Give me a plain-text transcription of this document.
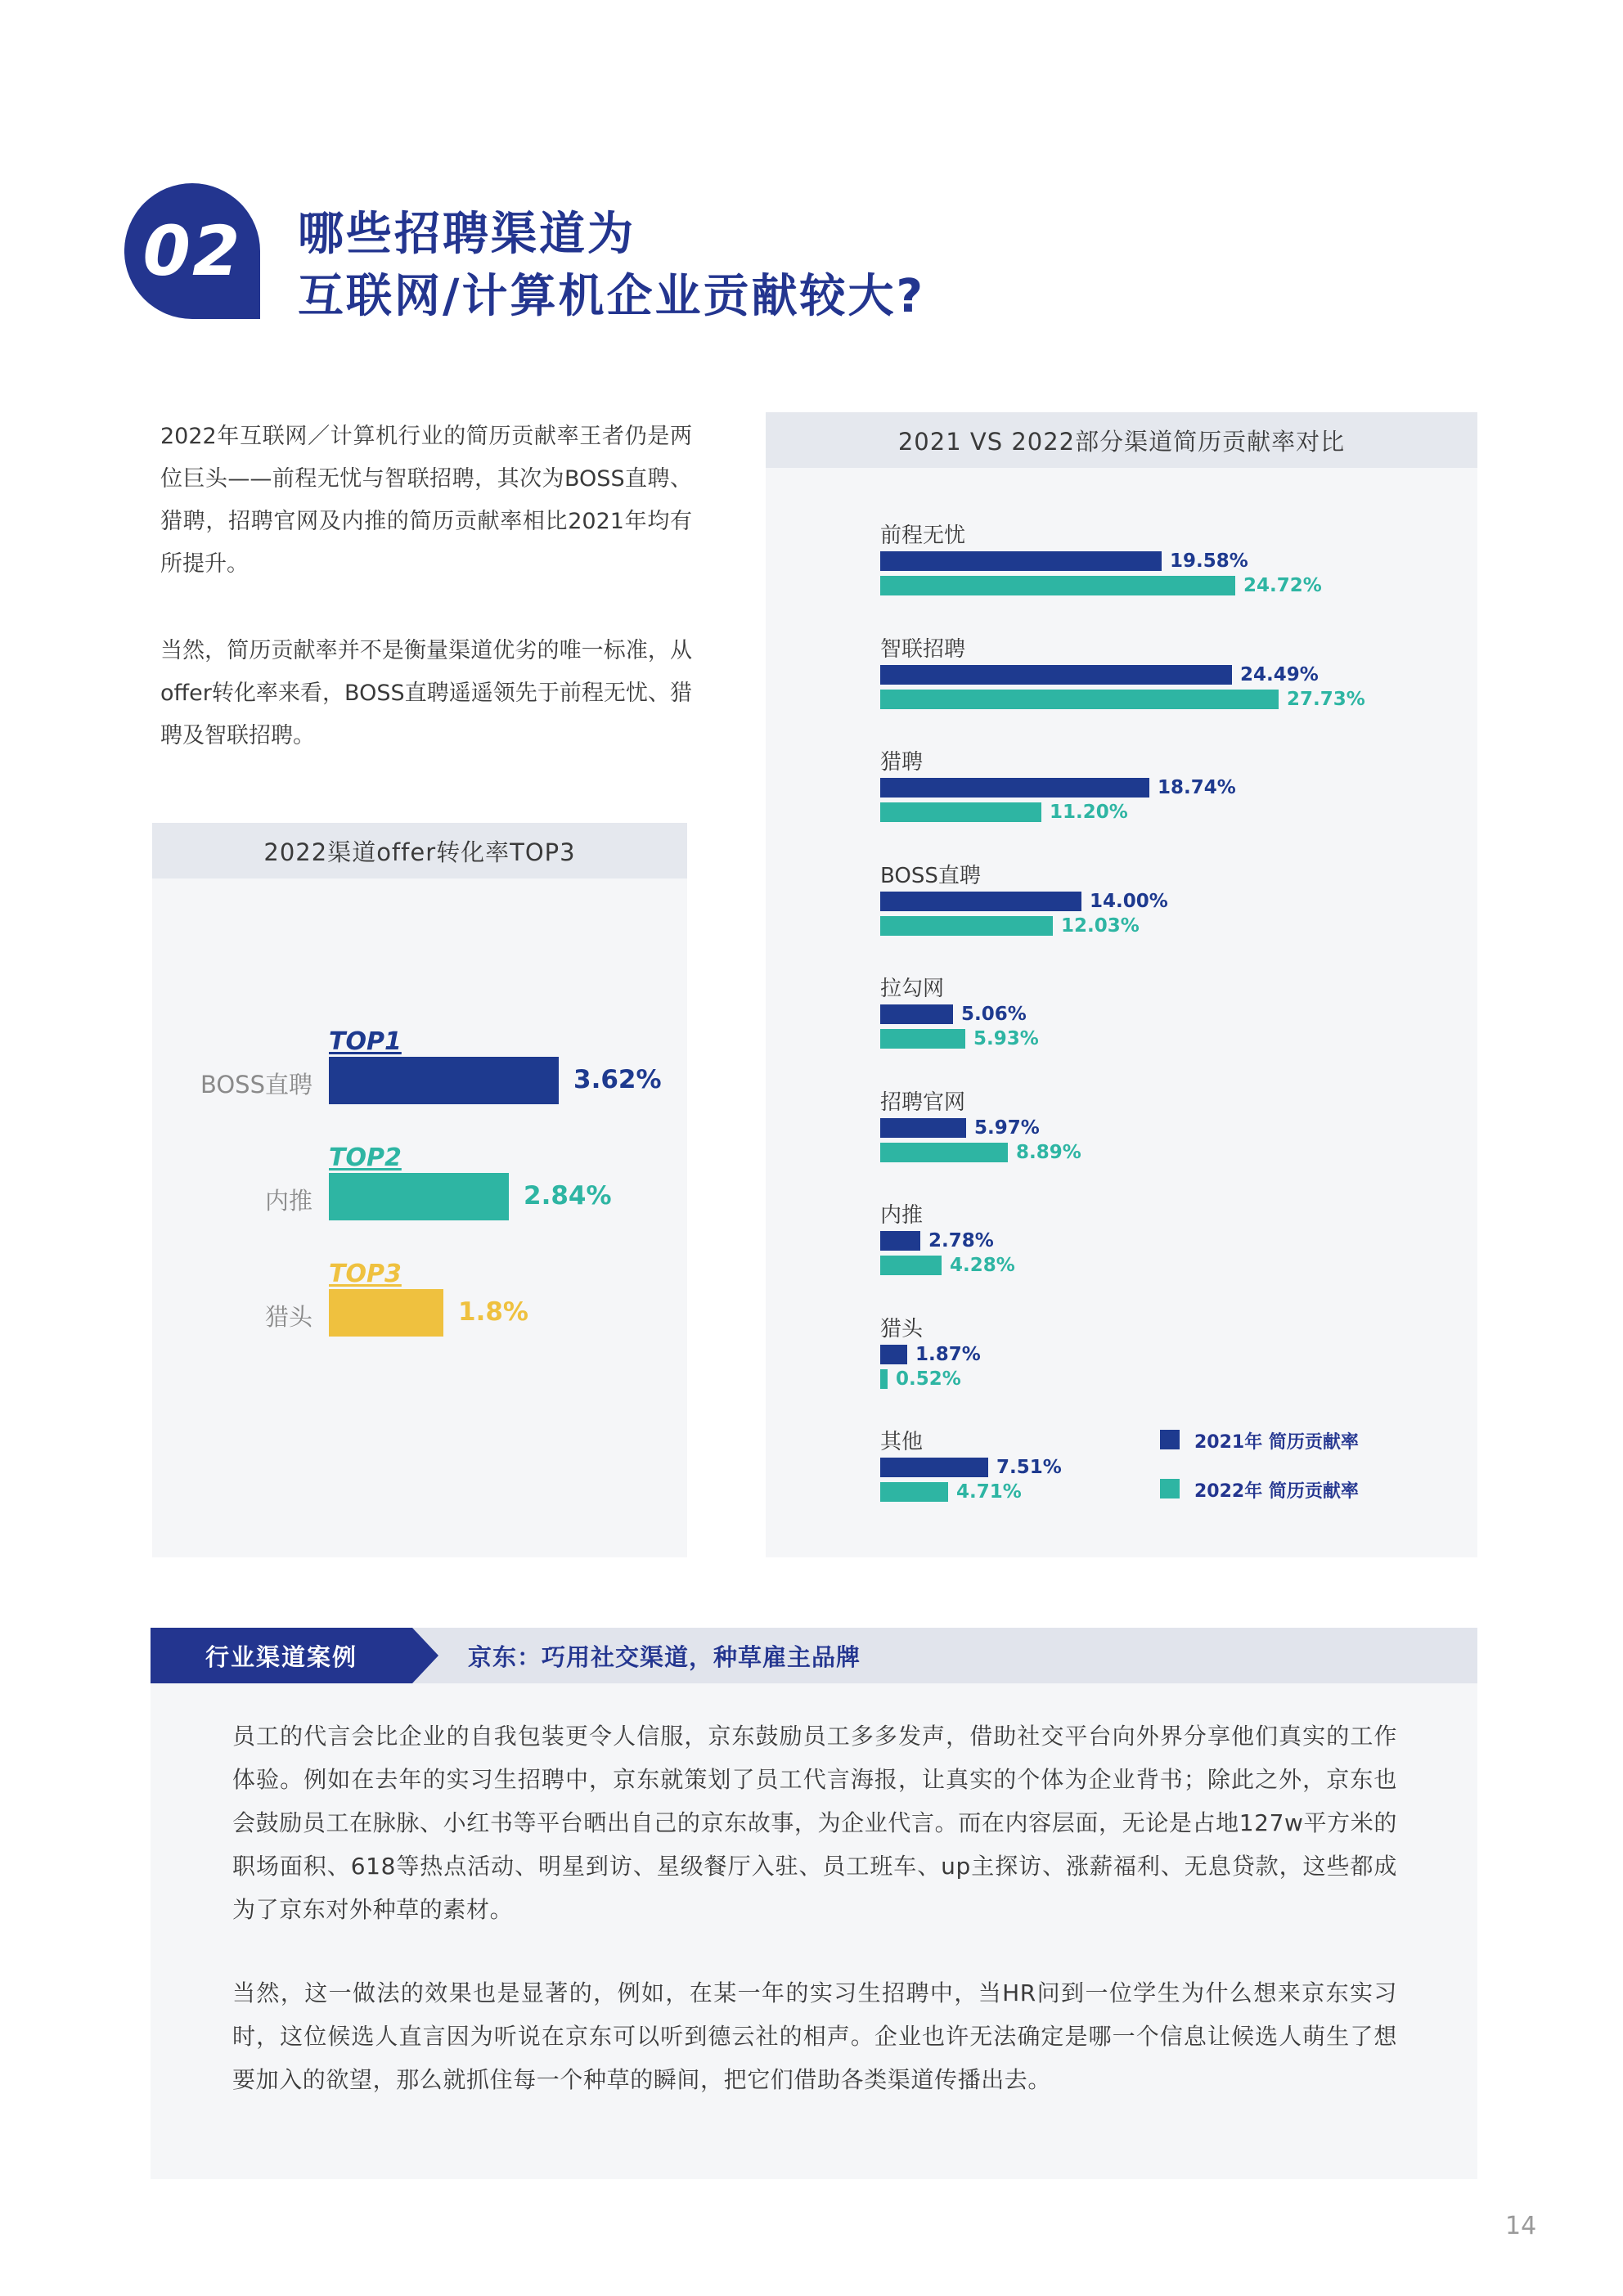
02	哪些招聘渠道为
互联网/计算机企业贡献较大?
2022年互联网／计算机行业的简历贡献率王者仍是两位巨头——前程无忧与智联招聘，其次为BOSS直聘、猎聘，招聘官网及内推的简历贡献率相比2021年均有所提升。
当然，简历贡献率并不是衡量渠道优劣的唯一标准，从offer转化率来看，BOSS直聘遥遥领先于前程无忧、猎聘及智联招聘。
2022渠道offer转化率TOP3
TOP1
BOSS直聘	3.62%
TOP2
内推	2.84%
TOP3
猎头	1.8%
2021 VS 2022部分渠道简历贡献率对比
前程无忧
19.58%
24.72%
智联招聘
24.49%
27.73%
猎聘
18.74%
11.20%
BOSS直聘
14.00%
12.03%
拉勾网
5.06%
5.93%
招聘官网
5.97%
8.89%
内推
2.78%
4.28%
猎头
1.87%
0.52%
其他
7.51%
4.71%
2021年 简历贡献率
2022年 简历贡献率
行业渠道案例	京东：巧用社交渠道，种草雇主品牌
员工的代言会比企业的自我包装更令人信服，京东鼓励员工多多发声，借助社交平台向外界分享他们真实的工作体验。例如在去年的实习生招聘中，京东就策划了员工代言海报，让真实的个体为企业背书；除此之外，京东也会鼓励员工在脉脉、小红书等平台晒出自己的京东故事，为企业代言。而在内容层面，无论是占地127w平方米的职场面积、618等热点活动、明星到访、星级餐厅入驻、员工班车、up主探访、涨薪福利、无息贷款，这些都成为了京东对外种草的素材。
当然，这一做法的效果也是显著的，例如，在某一年的实习生招聘中，当HR问到一位学生为什么想来京东实习时，这位候选人直言因为听说在京东可以听到德云社的相声。企业也许无法确定是哪一个信息让候选人萌生了想要加入的欲望，那么就抓住每一个种草的瞬间，把它们借助各类渠道传播出去。
14
